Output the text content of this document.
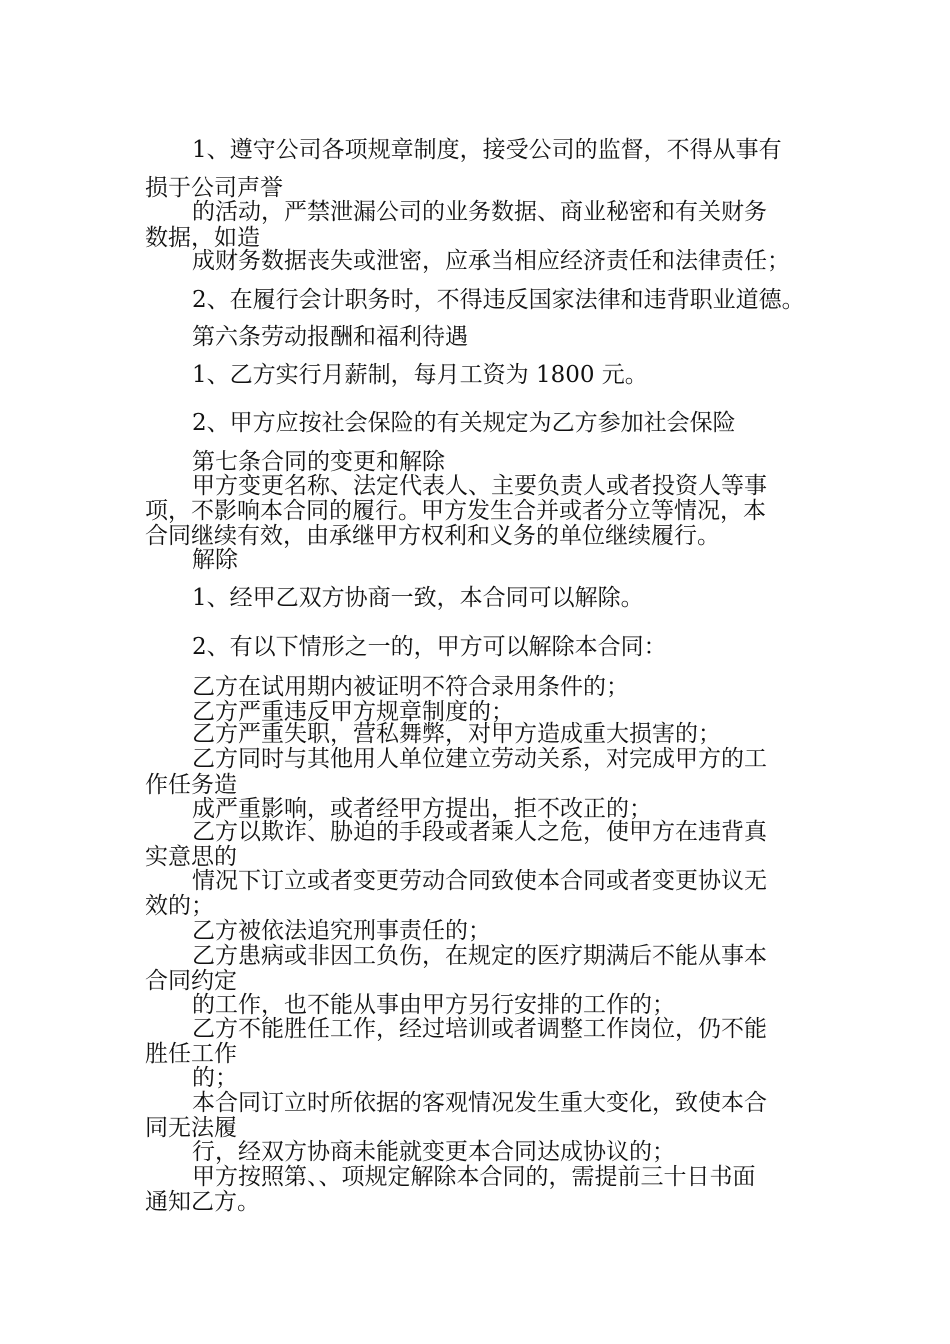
1、遵守公司各项规章制度，接受公司的监督，不得从事有
损于公司声誉
的活动，严禁泄漏公司的业务数据、商业秘密和有关财务
数据，如造
成财务数据丧失或泄密，应承当相应经济责任和法律责任；
2、在履行会计职务时，不得违反国家法律和违背职业道德。
第六条劳动报酬和福利待遇
1、乙方实行月薪制，每月工资为 1800 元。
2、甲方应按社会保险的有关规定为乙方参加社会保险
第七条合同的变更和解除
甲方变更名称、法定代表人、主要负责人或者投资人等事
项，不影响本合同的履行。甲方发生合并或者分立等情况，本
合同继续有效，由承继甲方权利和义务的单位继续履行。
解除
1、经甲乙双方协商一致，本合同可以解除。
2、有以下情形之一的，甲方可以解除本合同：
乙方在试用期内被证明不符合录用条件的；
乙方严重违反甲方规章制度的；
乙方严重失职，营私舞弊，对甲方造成重大损害的；
乙方同时与其他用人单位建立劳动关系，对完成甲方的工
作任务造
成严重影响，或者经甲方提出，拒不改正的；
乙方以欺诈、胁迫的手段或者乘人之危，使甲方在违背真
实意思的
情况下订立或者变更劳动合同致使本合同或者变更协议无
效的；
乙方被依法追究刑事责任的；
乙方患病或非因工负伤，在规定的医疗期满后不能从事本
合同约定
的工作，也不能从事由甲方另行安排的工作的；
乙方不能胜任工作，经过培训或者调整工作岗位，仍不能
胜任工作
的；
本合同订立时所依据的客观情况发生重大变化，致使本合
同无法履
行，经双方协商未能就变更本合同达成协议的；
甲方按照第、、项规定解除本合同的，需提前三十日书面
通知乙方。
